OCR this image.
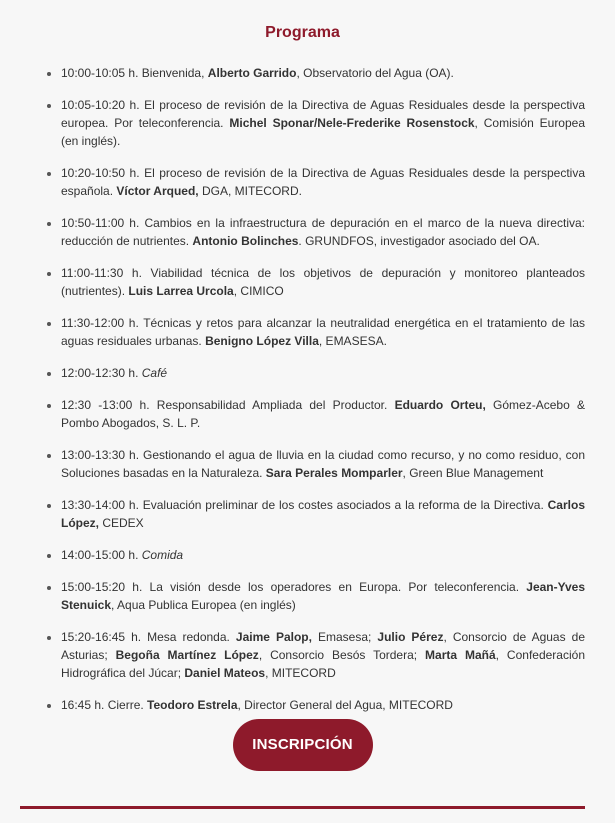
Programa
10:00-10:05 h. Bienvenida, Alberto Garrido, Observatorio del Agua (OA).
10:05-10:20 h. El proceso de revisión de la Directiva de Aguas Residuales desde la perspectiva europea. Por teleconferencia. Michel Sponar/Nele-Frederike Rosenstock, Comisión Europea (en inglés).
10:20-10:50 h. El proceso de revisión de la Directiva de Aguas Residuales desde la perspectiva española. Víctor Arqued, DGA, MITECORD.
10:50-11:00 h. Cambios en la infraestructura de depuración en el marco de la nueva directiva: reducción de nutrientes. Antonio Bolinches. GRUNDFOS, investigador asociado del OA.
11:00-11:30 h. Viabilidad técnica de los objetivos de depuración y monitoreo planteados (nutrientes). Luis Larrea Urcola, CIMICO
11:30-12:00 h. Técnicas y retos para alcanzar la neutralidad energética en el tratamiento de las aguas residuales urbanas. Benigno López Villa, EMASESA.
12:00-12:30 h. Café
12:30 -13:00 h. Responsabilidad Ampliada del Productor. Eduardo Orteu, Gómez-Acebo & Pombo Abogados, S. L. P.
13:00-13:30 h. Gestionando el agua de lluvia en la ciudad como recurso, y no como residuo, con Soluciones basadas en la Naturaleza. Sara Perales Momparler, Green Blue Management
13:30-14:00 h. Evaluación preliminar de los costes asociados a la reforma de la Directiva. Carlos López, CEDEX
14:00-15:00 h. Comida
15:00-15:20 h. La visión desde los operadores en Europa. Por teleconferencia. Jean-Yves Stenuick, Aqua Publica Europea (en inglés)
15:20-16:45 h. Mesa redonda. Jaime Palop, Emasesa; Julio Pérez, Consorcio de Aguas de Asturias; Begoña Martínez López, Consorcio Besós Tordera; Marta Mañá, Confederación Hidrográfica del Júcar; Daniel Mateos, MITECORD
16:45 h. Cierre. Teodoro Estrela, Director General del Agua, MITECORD
INSCRIPCIÓN
